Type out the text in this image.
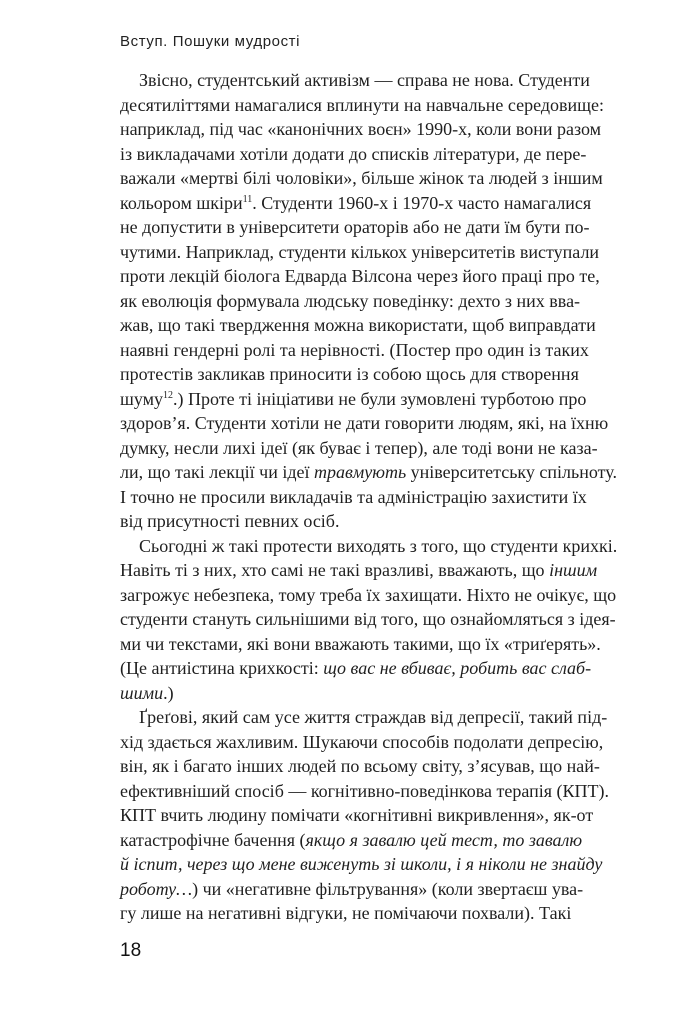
Вступ. Пошуки мудрості
Звісно, студентський активізм — справа не нова. Студенти
десятиліттями намагалися вплинути на навчальне середовище:
наприклад, під час «канонічних воєн» 1990-х, коли вони разом
із викладачами хотіли додати до списків літератури, де пере-
важали «мертві білі чоловіки», більше жінок та людей з іншим
кольором шкіри$^{11}$. Студенти 1960-х і 1970-х часто намагалися
не допустити в університети ораторів або не дати їм бути по-
чутими. Наприклад, студенти кількох університетів виступали
проти лекцій біолога Едварда Вілсона через його праці про те,
як еволюція формувала людську поведінку: дехто з них вва-
жав, що такі твердження можна використати, щоб виправдати
наявні гендерні ролі та нерівності. (Постер про один із таких
протестів закликав приносити із собою щось для створення
шуму$^{12}$.) Проте ті ініціативи не були зумовлені турботою про
здоров’я. Студенти хотіли не дати говорити людям, які, на їхню
думку, несли лихі ідеї (як буває і тепер), але тоді вони не каза-
ли, що такі лекції чи ідеї травмують університетську спільноту.
І точно не просили викладачів та адміністрацію захистити їх
від присутності певних осіб.
Сьогодні ж такі протести виходять з того, що студенти крихкі.
Навіть ті з них, хто самі не такі вразливі, вважають, що іншим
загрожує небезпека, тому треба їх захищати. Ніхто не очікує, що
студенти стануть сильнішими від того, що ознайомляться з ідея-
ми чи текстами, які вони вважають такими, що їх «триґерять».
(Це антиістина крихкості: що вас не вбиває, робить вас слаб-
шими.)
Ґреґові, який сам усе життя страждав від депресії, такий під-
хід здається жахливим. Шукаючи способів подолати депресію,
він, як і багато інших людей по всьому світу, з’ясував, що най-
ефективніший спосіб — когнітивно-поведінкова терапія (КПТ).
КПТ вчить людину помічати «когнітивні викривлення», як-от
катастрофічне бачення (якщо я завалю цей тест, то завалю
й іспит, через що мене виженуть зі школи, і я ніколи не знайду
роботу…) чи «негативне фільтрування» (коли звертаєш ува-
гу лише на негативні відгуки, не помічаючи похвали). Такі
18
